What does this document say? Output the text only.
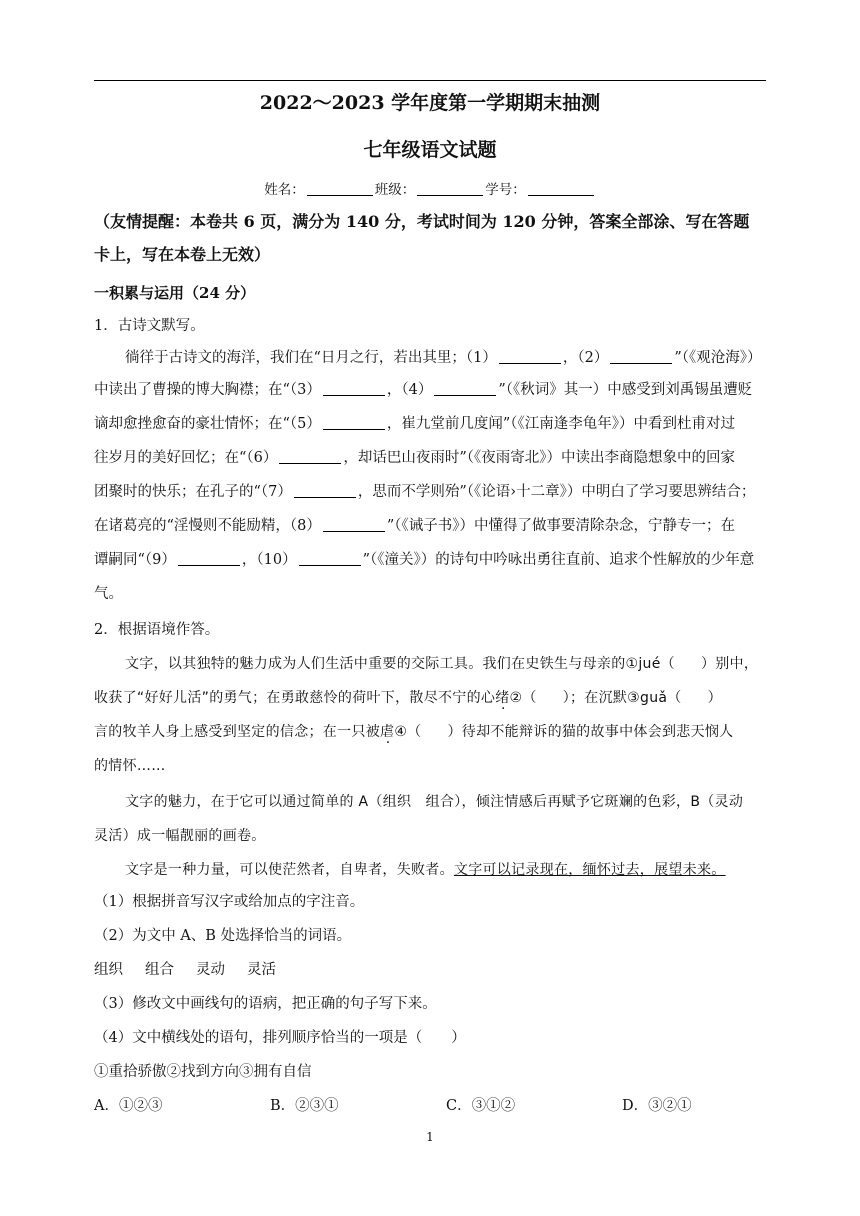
2022～2023 学年度第一学期期末抽测
七年级语文试题
姓名：	班级：	学号：
（友情提醒：本卷共 6 页，满分为 140 分，考试时间为 120 分钟，答案全部涂、写在答题
卡上，写在本卷上无效）
一积累与运用（24 分）
1．古诗文默写。
徜徉于古诗文的海洋，我们在“日月之行，若出其里；（1）	，（2）	”（《观沧海》）
中读出了曹操的博大胸襟；在“（3）	，（4）	”（《秋词》其一）中感受到刘禹锡虽遭贬
谪却愈挫愈奋的豪壮情怀；在“（5）	，崔九堂前几度闻”（《江南逢李龟年》）中看到杜甫对过
往岁月的美好回忆；在“（6）	，却话巴山夜雨时”（《夜雨寄北》）中读出李商隐想象中的回家
团聚时的快乐；在孔子的“（7）	，思而不学则殆”（《论语›十二章》）中明白了学习要思辨结合；
在诸葛亮的“淫慢则不能励精，（8）	”（《诫子书》）中懂得了做事要清除杂念，宁静专一；在
谭嗣同“（9）	，（10）	”（《潼关》）的诗句中吟咏出勇往直前、追求个性解放的少年意
气。
2．根据语境作答。
文字，以其独特的魅力成为人们生活中重要的交际工具。我们在史铁生与母亲的①jué（ ）别中，
收获了“好好儿活”的勇气；在勇敢慈怜的荷叶下，散尽不宁的心绪②（ ）；在沉默③guǎ（ ）
言的牧羊人身上感受到坚定的信念；在一只被虐④（ ）待却不能辩诉的猫的故事中体会到悲天悯人
的情怀……
文字的魅力，在于它可以通过简单的 A（组织　组合），倾注情感后再赋予它斑斓的色彩，B（灵动
灵活）成一幅靓丽的画卷。
文字是一种力量，可以使茫然者，自卑者，失败者。文字可以记录现在，缅怀过去，展望未来。
（1）根据拼音写汉字或给加点的字注音。
（2）为文中 A、B 处选择恰当的词语。
组织 组合 灵动 灵活
（3）修改文中画线句的语病，把正确的句子写下来。
（4）文中横线处的语句，排列顺序恰当的一项是（　　）
①重拾骄傲②找到方向③拥有自信
A．①②③	B．②③①	C．③①②	D．③②①
1
